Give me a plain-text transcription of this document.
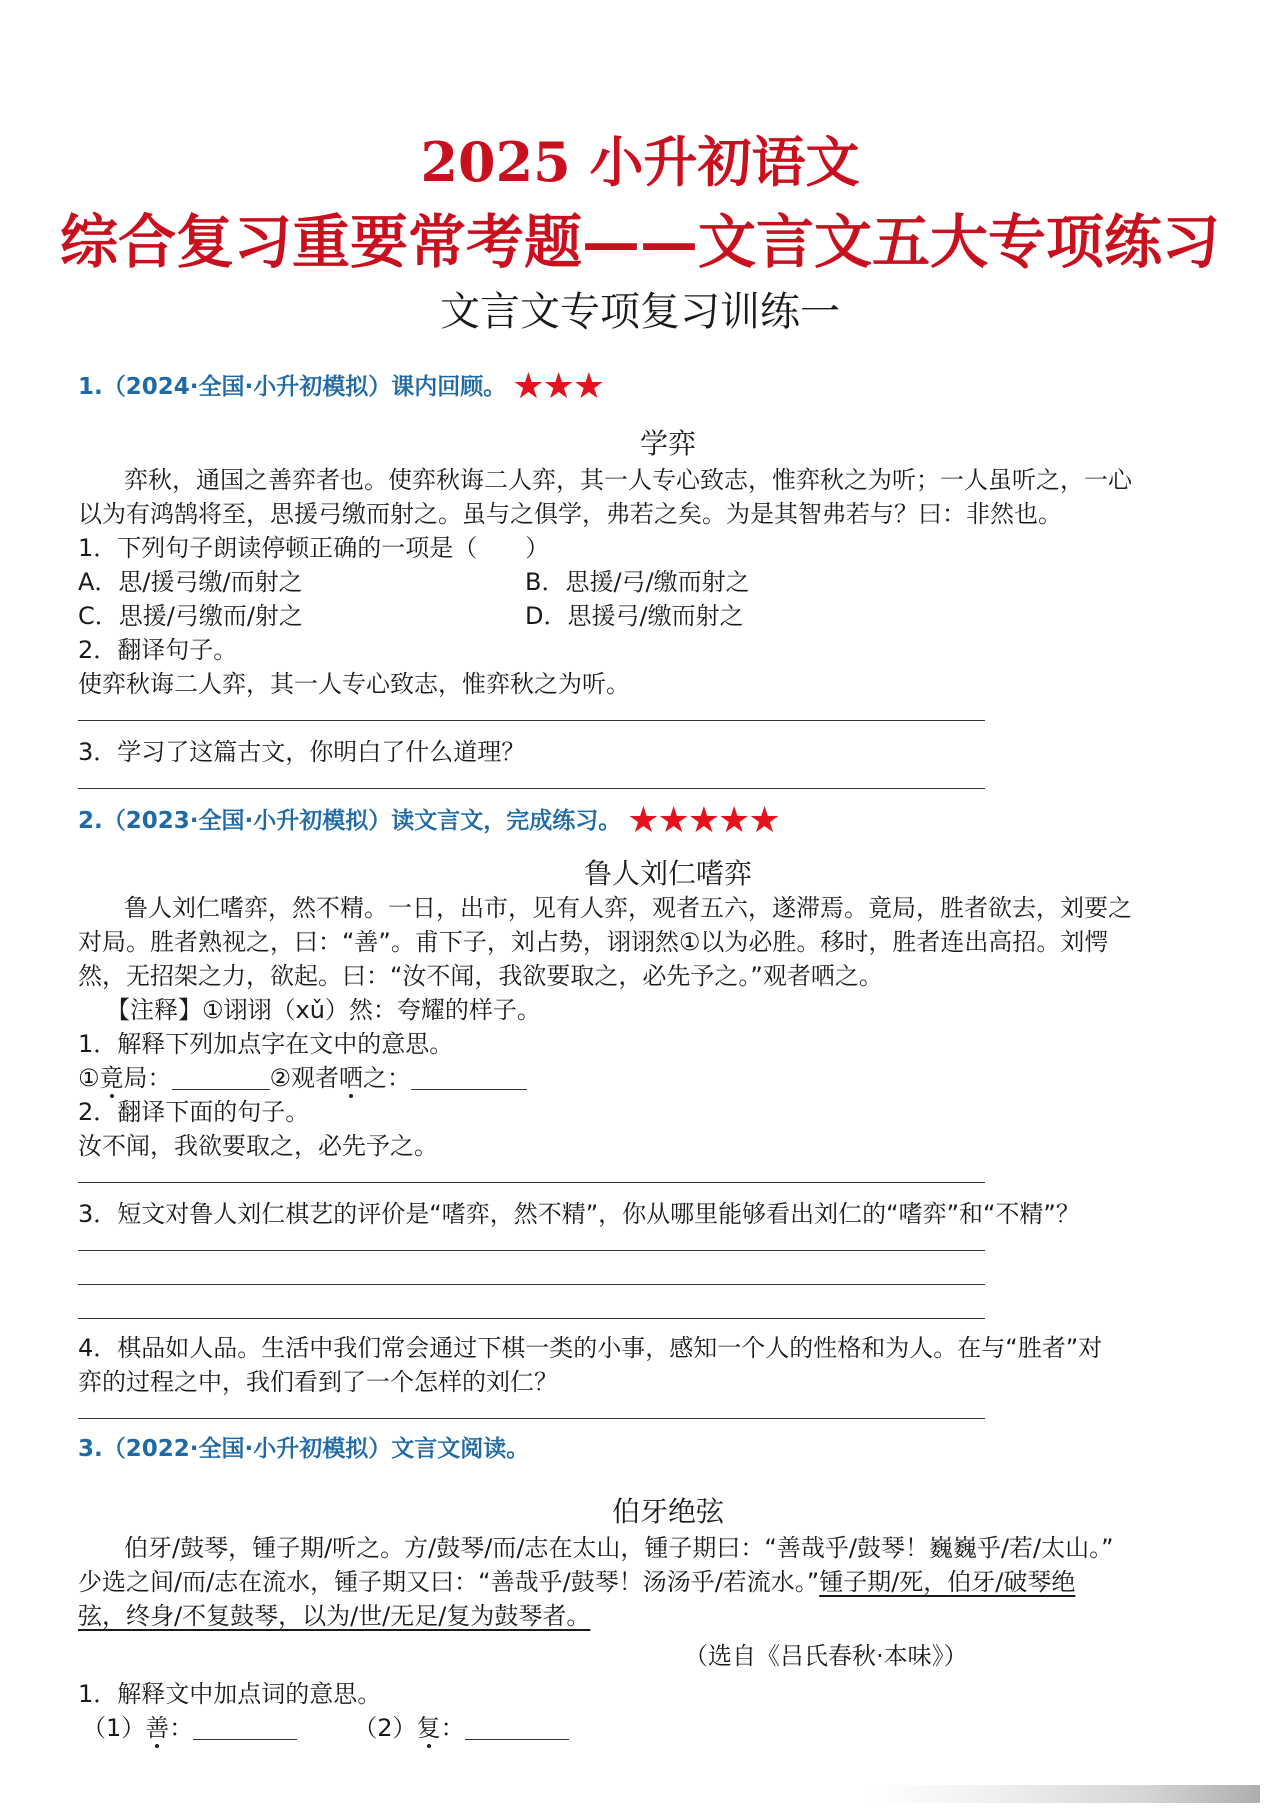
2025 小升初语文
综合复习重要常考题——文言文五大专项练习
文言文专项复习训练一
1.（2024·全国·小升初模拟）课内回顾。 ★★★
学弈
弈秋，通国之善弈者也。使弈秋诲二人弈，其一人专心致志，惟弈秋之为听；一人虽听之，一心
以为有鸿鹄将至，思援弓缴而射之。虽与之俱学，弗若之矣。为是其智弗若与？曰：非然也。
1．下列句子朗读停顿正确的一项是（　　）
A．思/援弓缴/而射之	B．思援/弓/缴而射之
C．思援/弓缴而/射之	D．思援弓/缴而射之
2．翻译句子。
使弈秋诲二人弈，其一人专心致志，惟弈秋之为听。
3．学习了这篇古文，你明白了什么道理？
2.（2023·全国·小升初模拟）读文言文，完成练习。 ★★★★★
鲁人刘仁嗜弈
鲁人刘仁嗜弈，然不精。一日，出市，见有人弈，观者五六，遂滞焉。竟局，胜者欲去，刘要之
对局。胜者熟视之，曰：“善”。甫下子，刘占势，诩诩然①以为必胜。移时，胜者连出高招。刘愕
然，无招架之力，欲起。曰：“汝不闻，我欲要取之，必先予之。”观者哂之。
【注释】①诩诩（xǔ）然：夸耀的样子。
1．解释下列加点字在文中的意思。
①竟局：	②观者哂之：
2．翻译下面的句子。
汝不闻，我欲要取之，必先予之。
3．短文对鲁人刘仁棋艺的评价是“嗜弈，然不精”，你从哪里能够看出刘仁的“嗜弈”和“不精”？
4．棋品如人品。生活中我们常会通过下棋一类的小事，感知一个人的性格和为人。在与“胜者”对
弈的过程之中，我们看到了一个怎样的刘仁？
3.（2022·全国·小升初模拟）文言文阅读。
伯牙绝弦
伯牙/鼓琴，锺子期/听之。方/鼓琴/而/志在太山，锺子期曰：“善哉乎/鼓琴！巍巍乎/若/太山。”
少选之间/而/志在流水，锺子期又曰：“善哉乎/鼓琴！汤汤乎/若流水。”锺子期/死，伯牙/破琴绝
弦，终身/不复鼓琴，以为/世/无足/复为鼓琴者。
（选自《吕氏春秋·本味》）
1．解释文中加点词的意思。
（1）善：	（2）复：
